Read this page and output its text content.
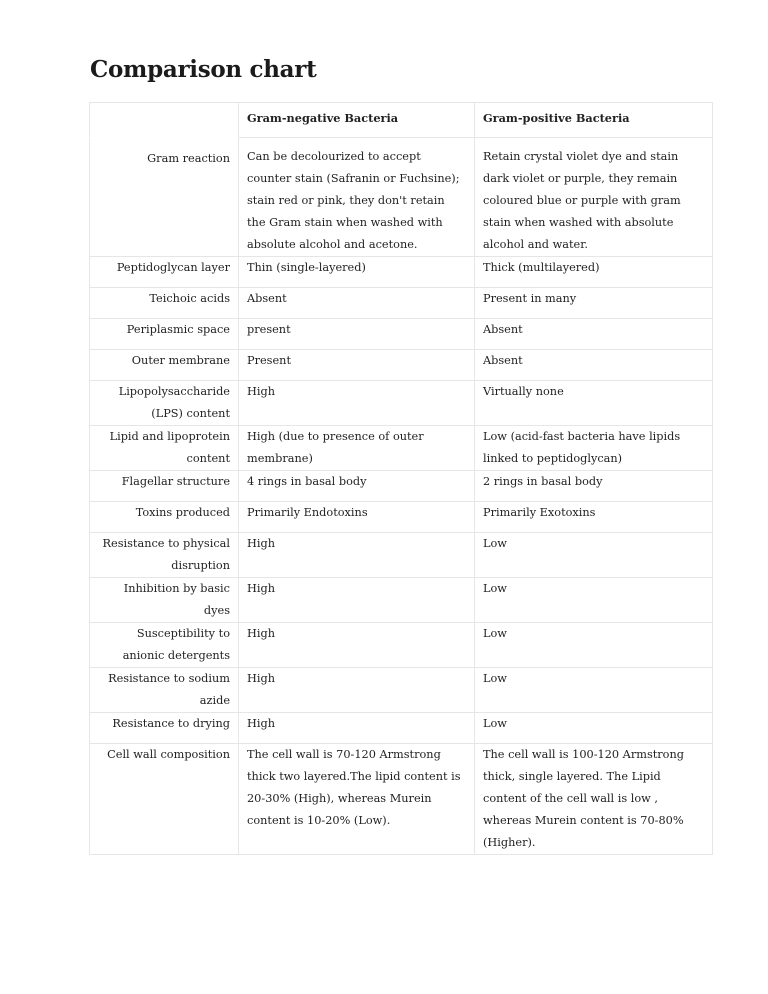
Comparison chart
	Gram-negative Bacteria	Gram-positive Bacteria
Gram reaction	Can be decolourized to accept counter stain (Safranin or Fuchsine); stain red or pink, they don't retain the Gram stain when washed with absolute alcohol and acetone.	Retain crystal violet dye and stain dark violet or purple, they remain coloured blue or purple with gram stain when washed with absolute alcohol and water.
Peptidoglycan layer	Thin (single-layered)	Thick (multilayered)
Teichoic acids	Absent	Present in many
Periplasmic space	present	Absent
Outer membrane	Present	Absent
Lipopolysaccharide (LPS) content	High	Virtually none
Lipid and lipoprotein content	High (due to presence of outer membrane)	Low (acid-fast bacteria have lipids linked to peptidoglycan)
Flagellar structure	4 rings in basal body	2 rings in basal body
Toxins produced	Primarily Endotoxins	Primarily Exotoxins
Resistance to physical disruption	High	Low
Inhibition by basic dyes	High	Low
Susceptibility to anionic detergents	High	Low
Resistance to sodium azide	High	Low
Resistance to drying	High	Low
Cell wall composition	The cell wall is 70-120 Armstrong thick two layered.The lipid content is 20-30% (High), whereas Murein content is 10-20% (Low).	The cell wall is 100-120 Armstrong thick, single layered. The Lipid content of the cell wall is low , whereas Murein content is 70-80% (Higher).
